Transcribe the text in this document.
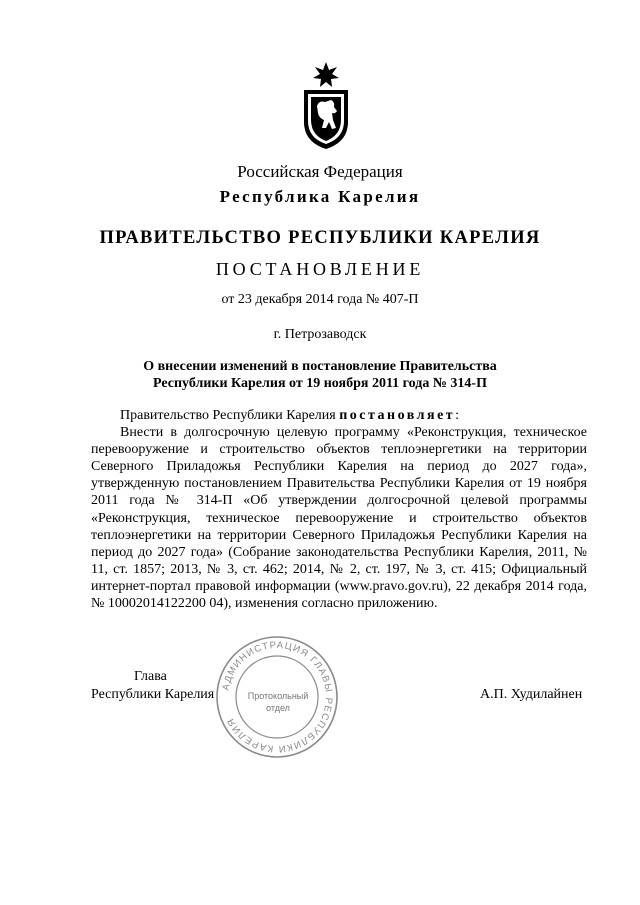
Российская Федерация
Республика Карелия
ПРАВИТЕЛЬСТВО РЕСПУБЛИКИ КАРЕЛИЯ
ПОСТАНОВЛЕНИЕ
от 23 декабря 2014 года № 407-П
г. Петрозаводск
О внесении изменений в постановление Правительства
Республики Карелия от 19 ноября 2011 года № 314-П

Правительство Республики Карелия постановляет:

Внести в долгосрочную целевую программу «Реконструкция, техническое перевооружение и строительство объектов теплоэнергетики на территории Северного Приладожья Республики Карелия на период до 2027 года», утвержденную постановлением Правительства Республики Карелия от 19 ноября 2011 года № 314-П «Об утверждении долгосрочной целевой программы «Реконструкция, техническое перевооружение и строительство объектов теплоэнергетики на территории Северного Приладожья Республики Карелия на период до 2027 года» (Собрание законодательства Республики Карелия, 2011, № 11, ст. 1857; 2013, № 3, ст. 462; 2014, № 2, ст. 197, № 3, ст. 415; Официальный интернет-портал правовой информации (www.pravo.gov.ru), 22 декабря 2014 года, № 10002014122200 04), изменения согласно приложению.

АДМИНИСТРАЦИЯ ГЛАВЫ РЕСПУБЛИКИ КАРЕЛИЯ
Протокольный
отдел
Глава
Республики Карелия	А.П. Худилайнен
